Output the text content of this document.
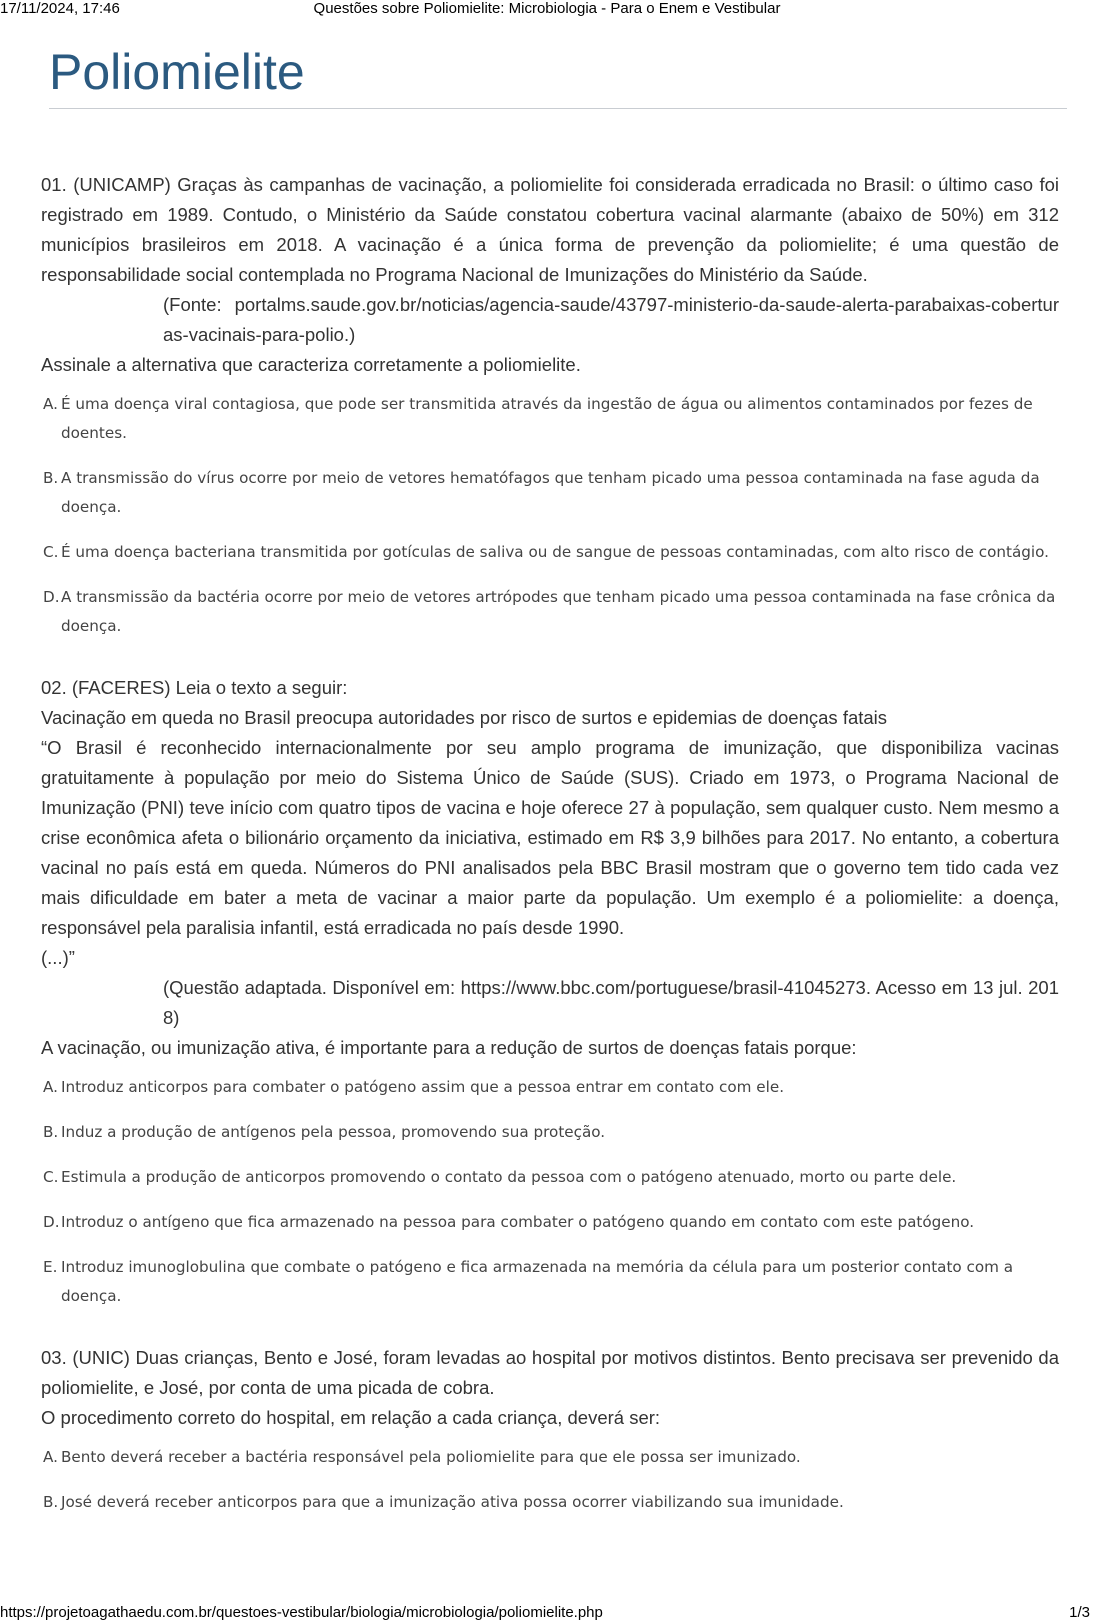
17/11/2024, 17:46	Questões sobre Poliomielite: Microbiologia - Para o Enem e Vestibular
Poliomielite

01. (UNICAMP) Graças às campanhas de vacinação, a poliomielite foi considerada erradicada no Brasil: o último caso foi registrado em 1989. Contudo, o Ministério da Saúde constatou cobertura vacinal alarmante (abaixo de 50%) em 312 municípios brasileiros em 2018. A vacinação é a única forma de prevenção da poliomielite; é uma questão de responsabilidade social contemplada no Programa Nacional de Imunizações do Ministério da Saúde.

(Fonte: portalms.saude.gov.br/noticias/agencia-saude/43797-ministerio-da-saude-alerta-parabaixas-coberturas-vacinais-para-polio.)

Assinale a alternativa que caracteriza corretamente a poliomielite.

A. É uma doença viral contagiosa, que pode ser transmitida através da ingestão de água ou alimentos contaminados por fezes de doentes.
B. A transmissão do vírus ocorre por meio de vetores hematófagos que tenham picado uma pessoa contaminada na fase aguda da doença.
C. É uma doença bacteriana transmitida por gotículas de saliva ou de sangue de pessoas contaminadas, com alto risco de contágio.
D. A transmissão da bactéria ocorre por meio de vetores artrópodes que tenham picado uma pessoa contaminada na fase crônica da doença.

02. (FACERES) Leia o texto a seguir:

Vacinação em queda no Brasil preocupa autoridades por risco de surtos e epidemias de doenças fatais

“O Brasil é reconhecido internacionalmente por seu amplo programa de imunização, que disponibiliza vacinas gratuitamente à população por meio do Sistema Único de Saúde (SUS). Criado em 1973, o Programa Nacional de Imunização (PNI) teve início com quatro tipos de vacina e hoje oferece 27 à população, sem qualquer custo. Nem mesmo a crise econômica afeta o bilionário orçamento da iniciativa, estimado em R$ 3,9 bilhões para 2017. No entanto, a cobertura vacinal no país está em queda. Números do PNI analisados pela BBC Brasil mostram que o governo tem tido cada vez mais dificuldade em bater a meta de vacinar a maior parte da população. Um exemplo é a poliomielite: a doença, responsável pela paralisia infantil, está erradicada no país desde 1990.

(...)”

(Questão adaptada. Disponível em: https://www.bbc.com/portuguese/brasil-41045273. Acesso em 13 jul. 2018)

A vacinação, ou imunização ativa, é importante para a redução de surtos de doenças fatais porque:

A. Introduz anticorpos para combater o patógeno assim que a pessoa entrar em contato com ele.
B. Induz a produção de antígenos pela pessoa, promovendo sua proteção.
C. Estimula a produção de anticorpos promovendo o contato da pessoa com o patógeno atenuado, morto ou parte dele.
D. Introduz o antígeno que fica armazenado na pessoa para combater o patógeno quando em contato com este patógeno.
E. Introduz imunoglobulina que combate o patógeno e fica armazenada na memória da célula para um posterior contato com a doença.

03. (UNIC) Duas crianças, Bento e José, foram levadas ao hospital por motivos distintos. Bento precisava ser prevenido da poliomielite, e José, por conta de uma picada de cobra.

O procedimento correto do hospital, em relação a cada criança, deverá ser:

A. Bento deverá receber a bactéria responsável pela poliomielite para que ele possa ser imunizado.
B. José deverá receber anticorpos para que a imunização ativa possa ocorrer viabilizando sua imunidade.
https://projetoagathaedu.com.br/questoes-vestibular/biologia/microbiologia/poliomielite.php	1/3
